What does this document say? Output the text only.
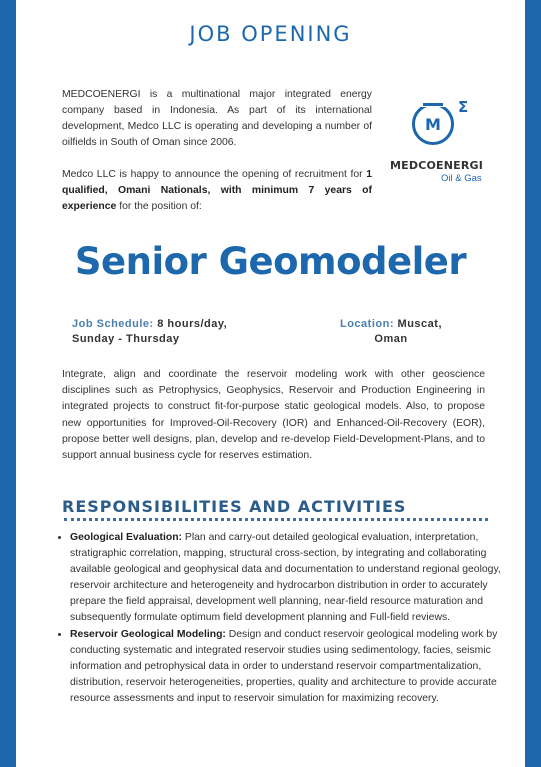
JOB OPENING
MEDCOENERGI is a multinational major integrated energy company based in Indonesia. As part of its international development, Medco LLC is operating and developing a number of oilfields in South of Oman since 2006.
Medco LLC is happy to announce the opening of recruitment for 1 qualified, Omani Nationals, with minimum 7 years of experience for the position of:
M
Σ
MEDCOENERGI
Oil & Gas
Senior Geomodeler
Job Schedule: 8 hours/day,
Sunday - Thursday
Location: Muscat,
Oman
Integrate, align and coordinate the reservoir modeling work with other geoscience disciplines such as Petrophysics, Geophysics, Reservoir and Production Engineering in integrated projects to construct fit-for-purpose static geological models. Also, to propose new opportunities for Improved-Oil-Recovery (IOR) and Enhanced-Oil-Recovery (EOR), propose better well designs, plan, develop and re-develop Field-Development-Plans, and to support annual business cycle for reserves estimation.
RESPONSIBILITIES AND ACTIVITIES
• Geological Evaluation: Plan and carry-out detailed geological evaluation, interpretation, stratigraphic correlation, mapping, structural cross-section, by integrating and collaborating available geological and geophysical data and documentation to understand regional geology, reservoir architecture and heterogeneity and hydrocarbon distribution in order to accurately prepare the field appraisal, development well planning, near-field resource maturation and subsequently formulate optimum field development planning and Full-field reviews.
• Reservoir Geological Modeling: Design and conduct reservoir geological modeling work by conducting systematic and integrated reservoir studies using sedimentology, facies, seismic information and petrophysical data in order to understand reservoir compartmentalization, distribution, reservoir heterogeneities, properties, quality and architecture to provide accurate resource assessments and input to reservoir simulation for maximizing recovery.
